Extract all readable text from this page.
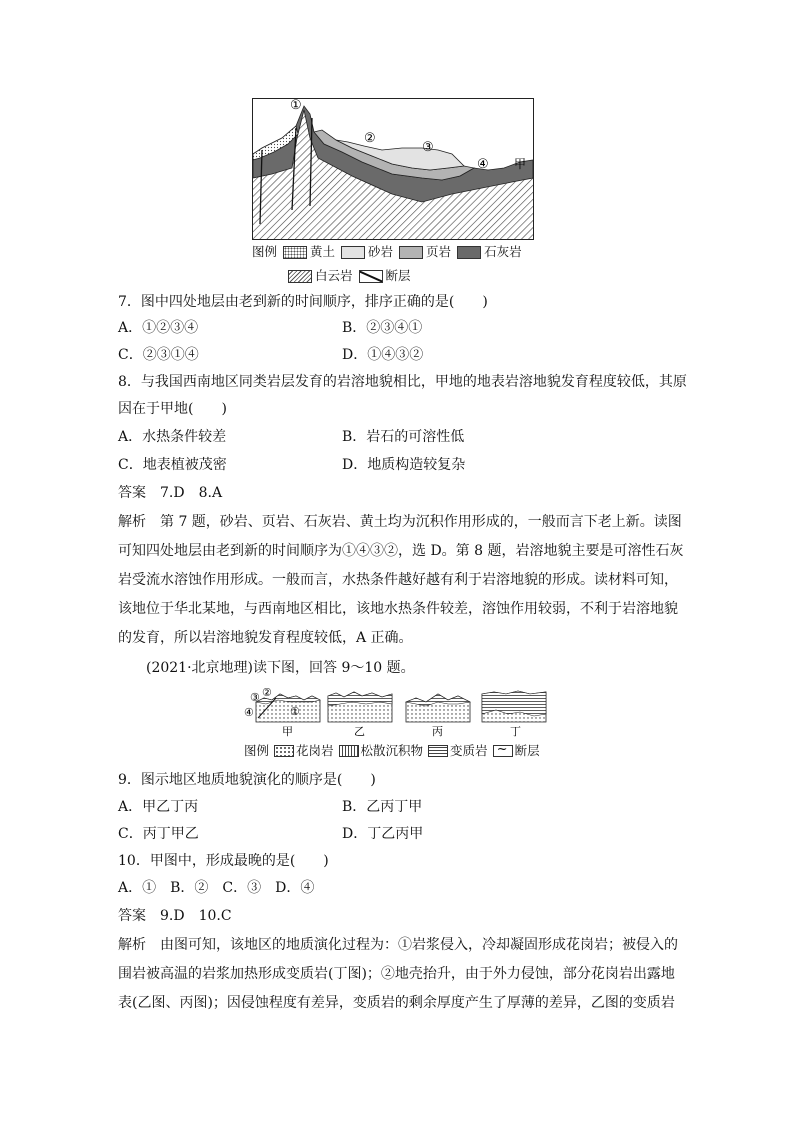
①
②
③
④ 甲
图例	黄土	砂岩	页岩	石灰岩
白云岩	断层
7．图中四处地层由老到新的时间顺序，排序正确的是(　　)
A．①②③④	B．②③④①
C．②③①④	D．①④③②
8．与我国西南地区同类岩层发育的岩溶地貌相比，甲地的地表岩溶地貌发育程度较低，其原
因在于甲地(　　)
A．水热条件较差	B．岩石的可溶性低
C．地表植被茂密	D．地质构造较复杂
答案　7.D　8.A
解析　第 7 题，砂岩、页岩、石灰岩、黄土均为沉积作用形成的，一般而言下老上新。读图
可知四处地层由老到新的时间顺序为①④③②，选 D。第 8 题，岩溶地貌主要是可溶性石灰
岩受流水溶蚀作用形成。一般而言，水热条件越好越有利于岩溶地貌的形成。读材料可知，
该地位于华北某地，与西南地区相比，该地水热条件较差，溶蚀作用较弱，不利于岩溶地貌
的发育，所以岩溶地貌发育程度较低，A 正确。
(2021·北京地理)读下图，回答 9～10 题。
③ ②
④	①
甲	乙	丙	丁
图例 花岗岩 松散沉积物 变质岩
~ 断层
9．图示地区地质地貌演化的顺序是(　　)
A．甲乙丁丙	B．乙丙丁甲
C．丙丁甲乙	D．丁乙丙甲
10．甲图中，形成最晚的是(　　)
A．①　B．②　C．③　D．④
答案　9.D　10.C
解析　由图可知，该地区的地质演化过程为：①岩浆侵入，冷却凝固形成花岗岩；被侵入的
围岩被高温的岩浆加热形成变质岩(丁图)；②地壳抬升，由于外力侵蚀，部分花岗岩出露地
表(乙图、丙图)；因侵蚀程度有差异，变质岩的剩余厚度产生了厚薄的差异，乙图的变质岩
